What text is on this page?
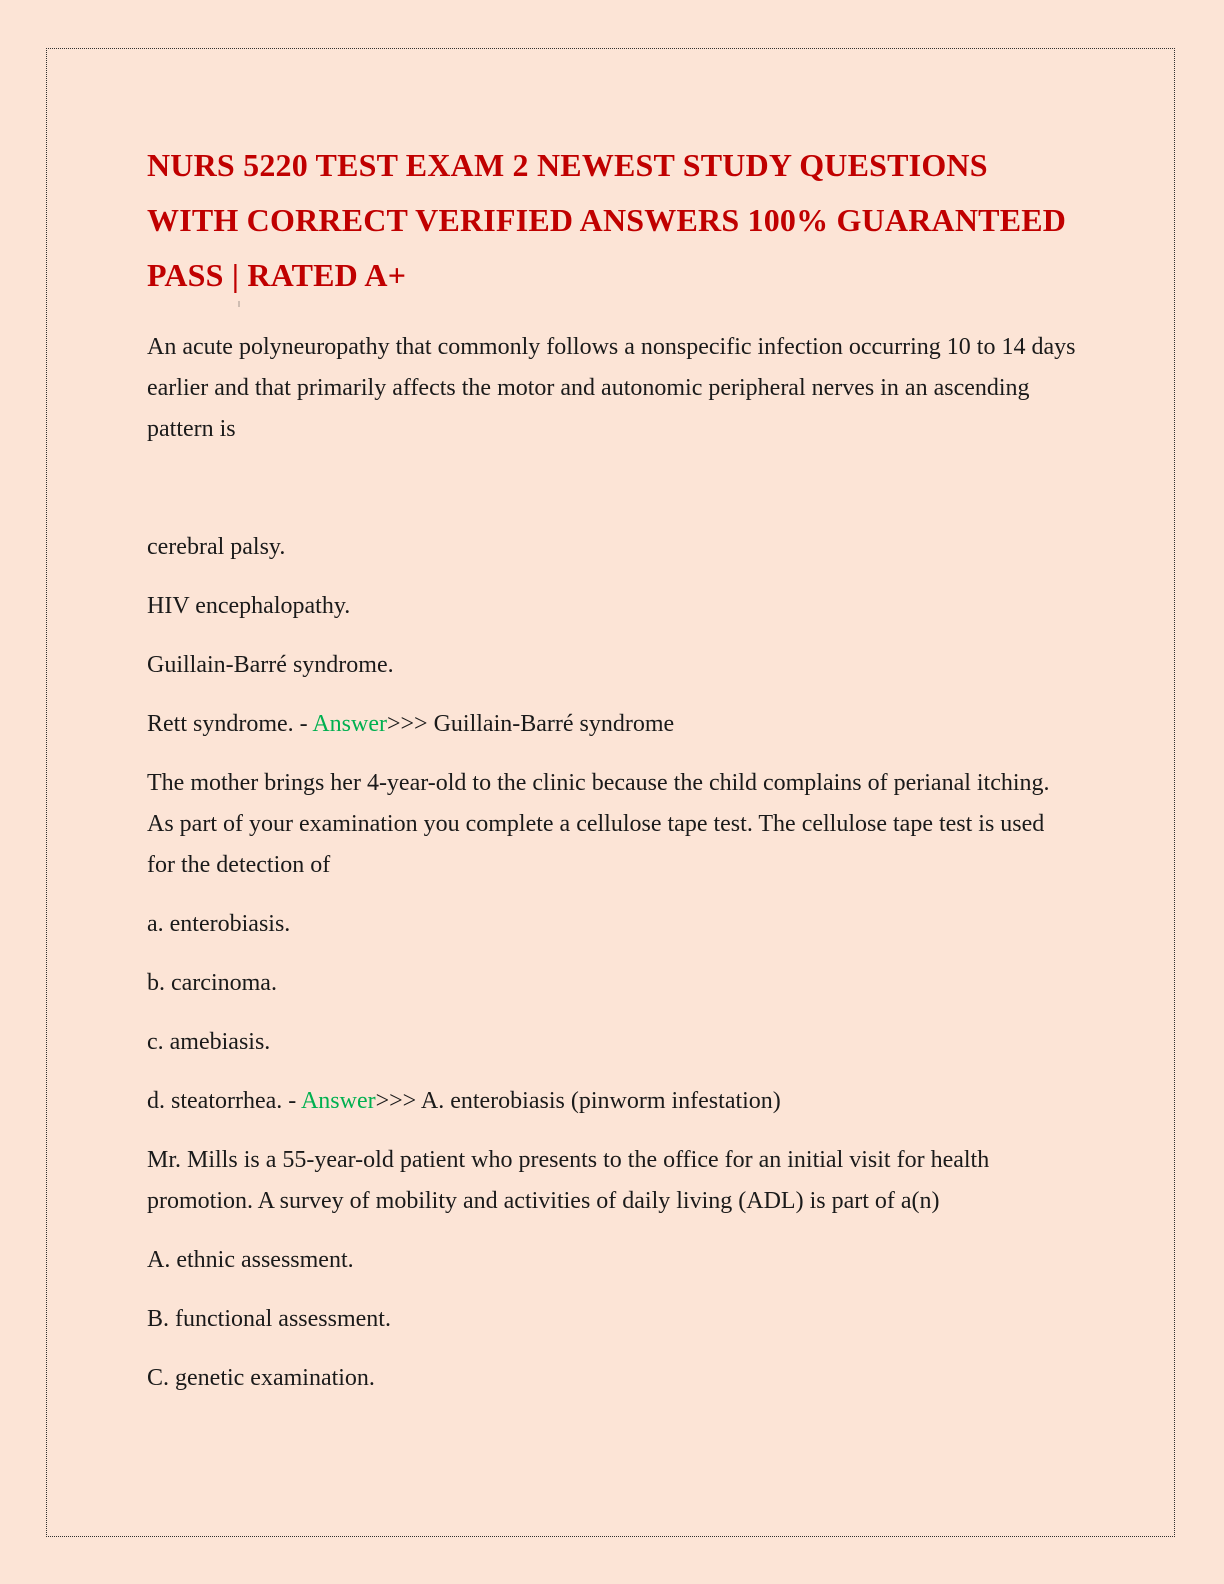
NURS 5220 TEST EXAM 2 NEWEST STUDY QUESTIONS WITH CORRECT VERIFIED ANSWERS 100% GUARANTEED PASS | RATED A+

An acute polyneuropathy that commonly follows a nonspecific infection occurring 10 to 14 days earlier and that primarily affects the motor and autonomic peripheral nerves in an ascending pattern is

cerebral palsy.

HIV encephalopathy.

Guillain-Barré syndrome.

Rett syndrome. - Answer>>> Guillain-Barré syndrome

The mother brings her 4-year-old to the clinic because the child complains of perianal itching. As part of your examination you complete a cellulose tape test. The cellulose tape test is used for the detection of

a. enterobiasis.

b. carcinoma.

c. amebiasis.

d. steatorrhea. - Answer>>> A. enterobiasis (pinworm infestation)

Mr. Mills is a 55-year-old patient who presents to the office for an initial visit for health promotion. A survey of mobility and activities of daily living (ADL) is part of a(n)

A. ethnic assessment.

B. functional assessment.

C. genetic examination.
